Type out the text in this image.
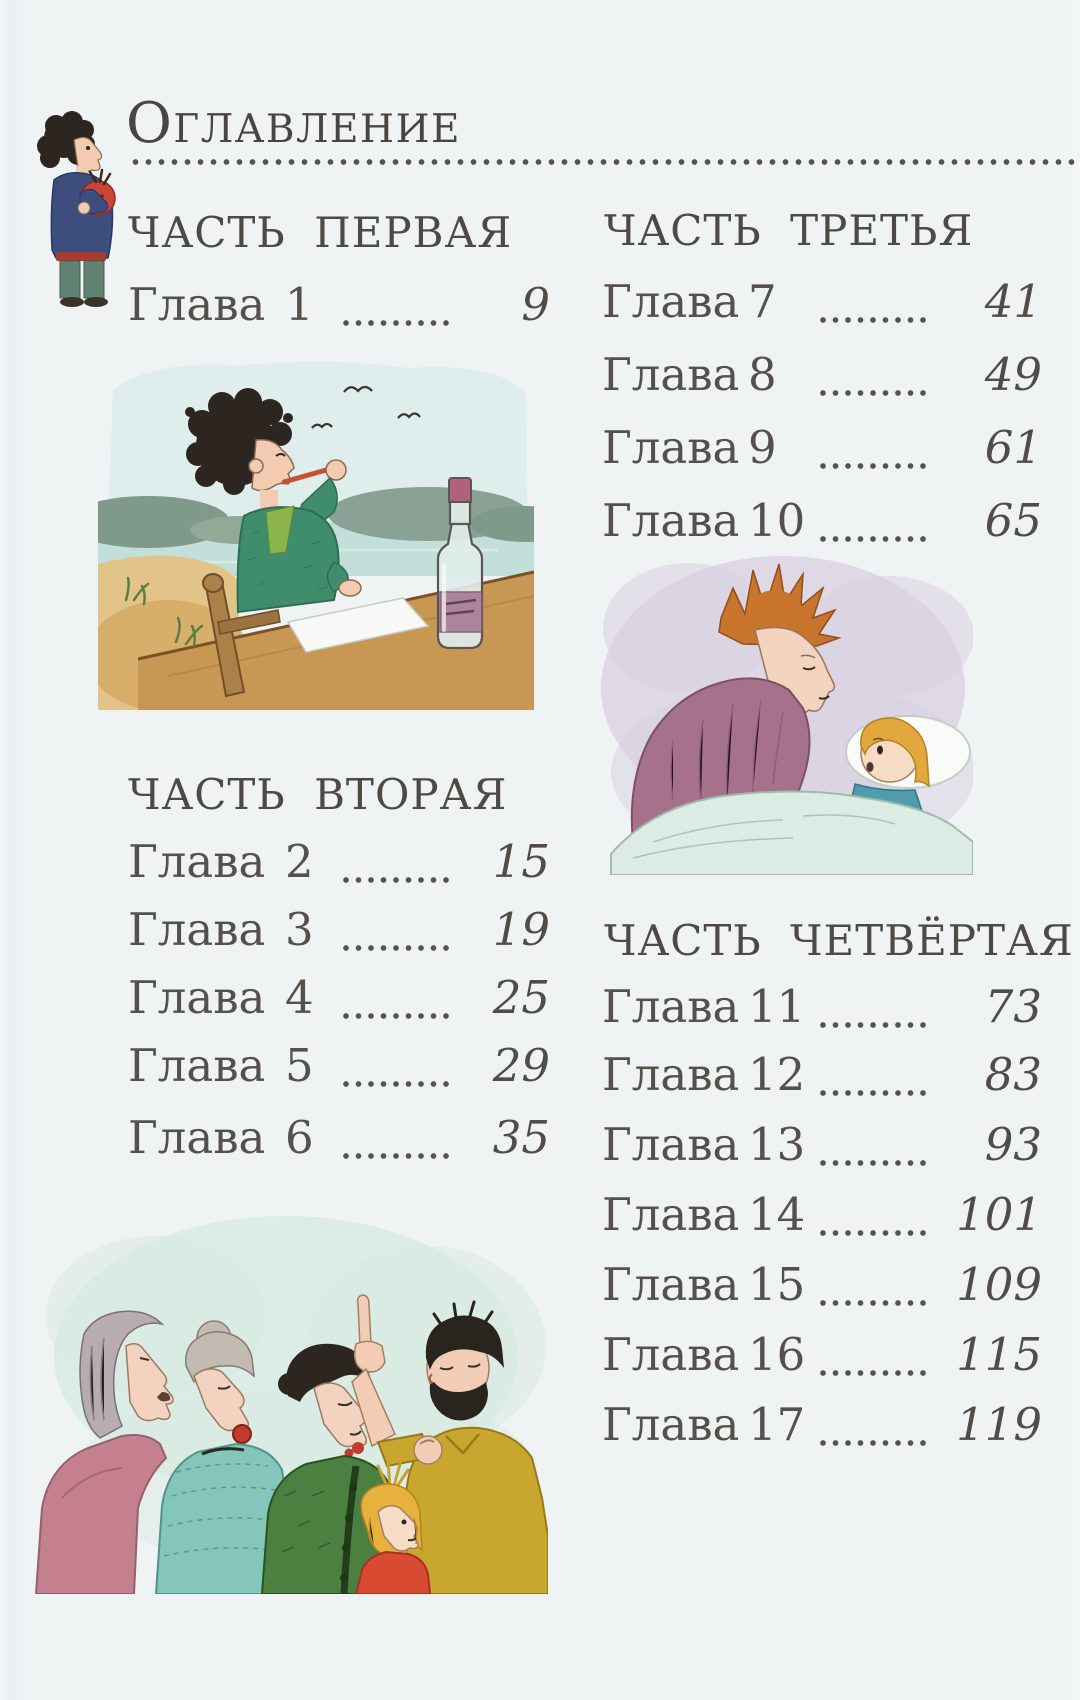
Оглавление
ЧАСТЬ ПЕРВАЯ
Глава 1	9
ЧАСТЬ ВТОРАЯ
Глава 2	15
Глава 3	19
Глава 4	25
Глава 5	29
Глава 6	35
ЧАСТЬ ТРЕТЬЯ
Глава 7	41
Глава 8	49
Глава 9	61
Глава 10	65
ЧАСТЬ ЧЕТВЁРТАЯ
Глава 11	73
Глава 12	83
Глава 13	93
Глава 14	101
Глава 15	109
Глава 16	115
Глава 17	119
